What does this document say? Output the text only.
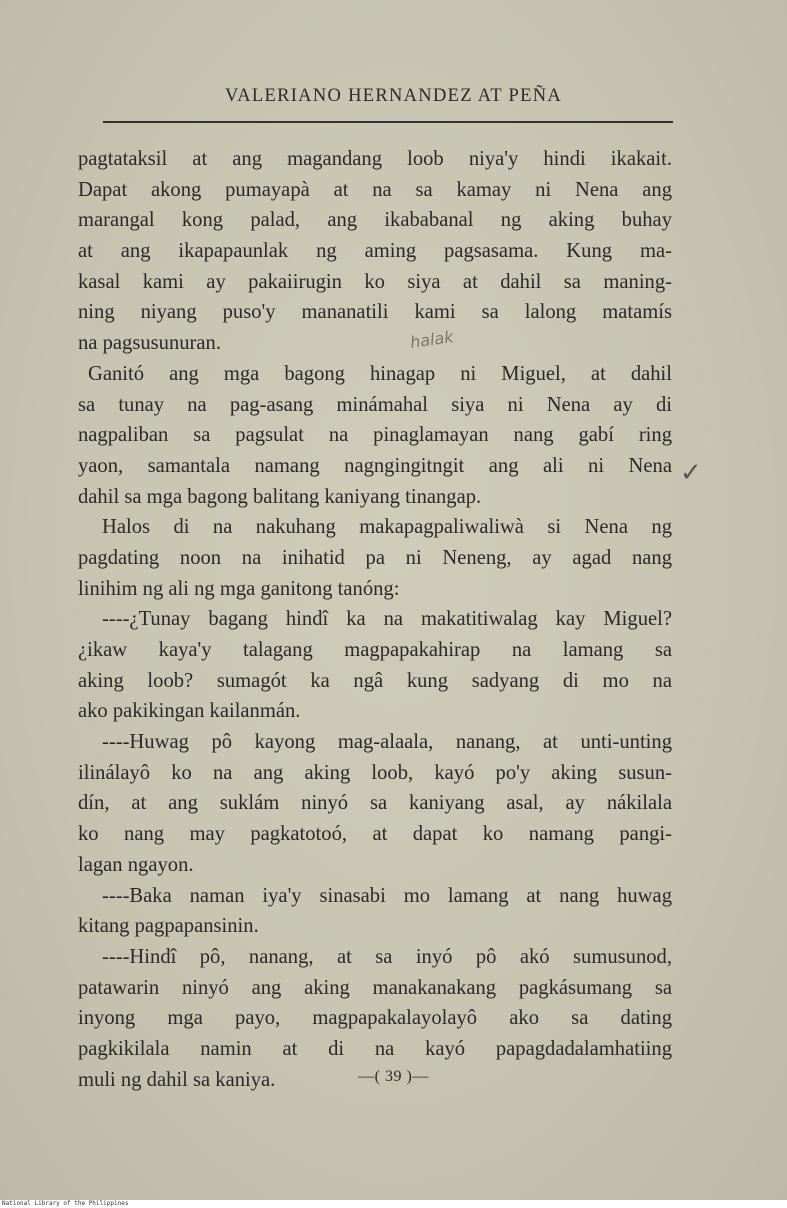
VALERIANO HERNANDEZ AT PEÑA
halak
✓
pagtataksil at ang magandang loob niya'y hindi ikakait.
Dapat akong pumayapà at na sa kamay ni Nena ang
marangal kong palad, ang ikababanal ng aking buhay
at ang ikapapaunlak ng aming pagsasama. Kung ma-
kasal kami ay pakaiirugin ko siya at dahil sa maning-
ning niyang puso'y mananatili kami sa lalong matamís
na pagsusunuran.
Ganitó ang mga bagong hinagap ni Miguel, at dahil
sa tunay na pag-asang minámahal siya ni Nena ay di
nagpaliban sa pagsulat na pinaglamayan nang gabí ring
yaon, samantala namang nagngingitngit ang ali ni Nena
dahil sa mga bagong balitang kaniyang tinangap.
Halos di na nakuhang makapagpaliwaliwà si Nena ng
pagdating noon na inihatid pa ni Neneng, ay agad nang
linihim ng ali ng mga ganitong tanóng:
----¿Tunay bagang hindî ka na makatitiwalag kay Miguel?
¿ikaw kaya'y talagang magpapakahirap na lamang sa
aking loob? sumagót ka ngâ kung sadyang di mo na
ako pakikingan kailanmán.
----Huwag pô kayong mag-alaala, nanang, at unti-unting
ilinálayô ko na ang aking loob, kayó po'y aking susun-
dín, at ang suklám ninyó sa kaniyang asal, ay nákilala
ko nang may pagkatotoó, at dapat ko namang pangi-
lagan ngayon.
----Baka naman iya'y sinasabi mo lamang at nang huwag
kitang pagpapansinin.
----Hindî pô, nanang, at sa inyó pô akó sumusunod,
patawarin ninyó ang aking manakanakang pagkásumang sa
inyong mga payo, magpapakalayolayô ako sa dating
pagkikilala namin at di na kayó papagdadalamhatiing
muli ng dahil sa kaniya.	—( 39 )—
National Library of the Philippines
